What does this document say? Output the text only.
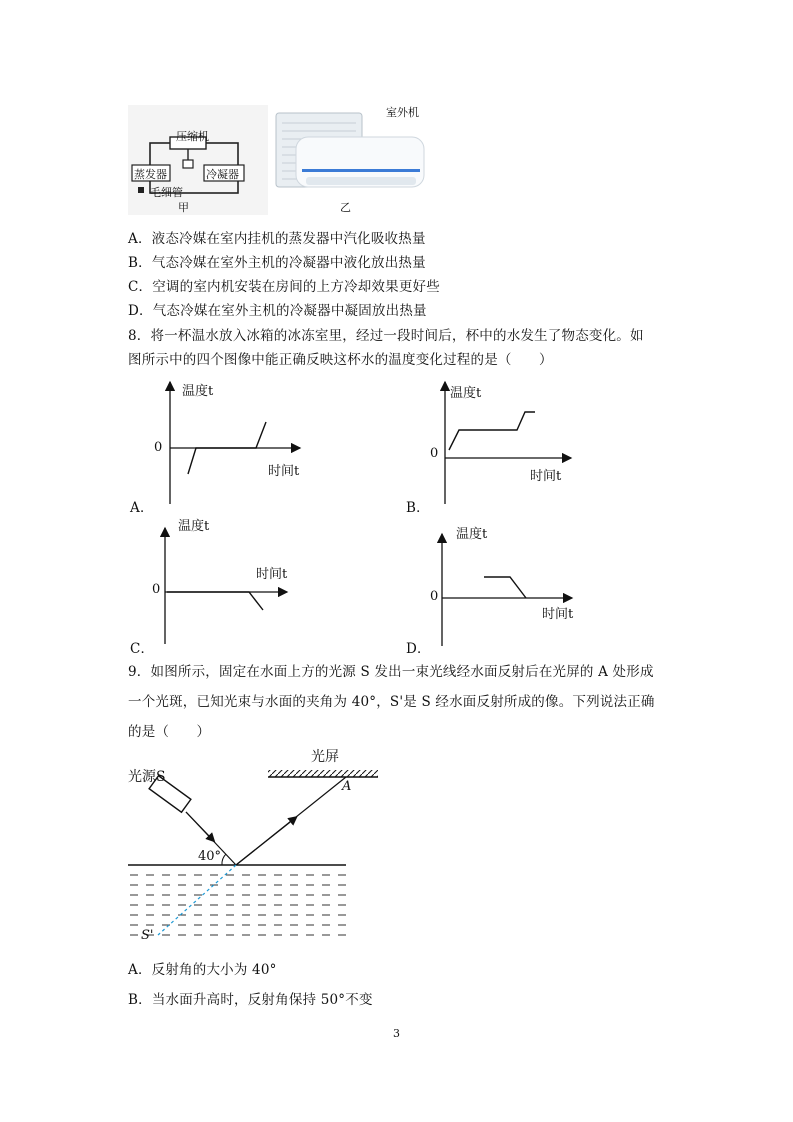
压缩机
蒸发器	冷凝器
毛细管
甲
室外机
乙
A．液态冷媒在室内挂机的蒸发器中汽化吸收热量
B．气态冷媒在室外主机的冷凝器中液化放出热量
C．空调的室内机安装在房间的上方冷却效果更好些
D．气态冷媒在室外主机的冷凝器中凝固放出热量
8．将一杯温水放入冰箱的冰冻室里，经过一段时间后，杯中的水发生了物态变化。如
图所示中的四个图像中能正确反映这杯水的温度变化过程的是（　　）
温度t
0
时间t
A．
温度t
0
时间t
B．
温度t
0
时间t
C．
温度t
0
时间t
D．
9．如图所示，固定在水面上方的光源 S 发出一束光线经水面反射后在光屏的 A 处形成
一个光斑，已知光束与水面的夹角为 40°，S'是 S 经水面反射所成的像。下列说法正确
的是（　　）
光屏
A
光源S
40°
S'
A．反射角的大小为 40°
B．当水面升高时，反射角保持 50°不变
3
